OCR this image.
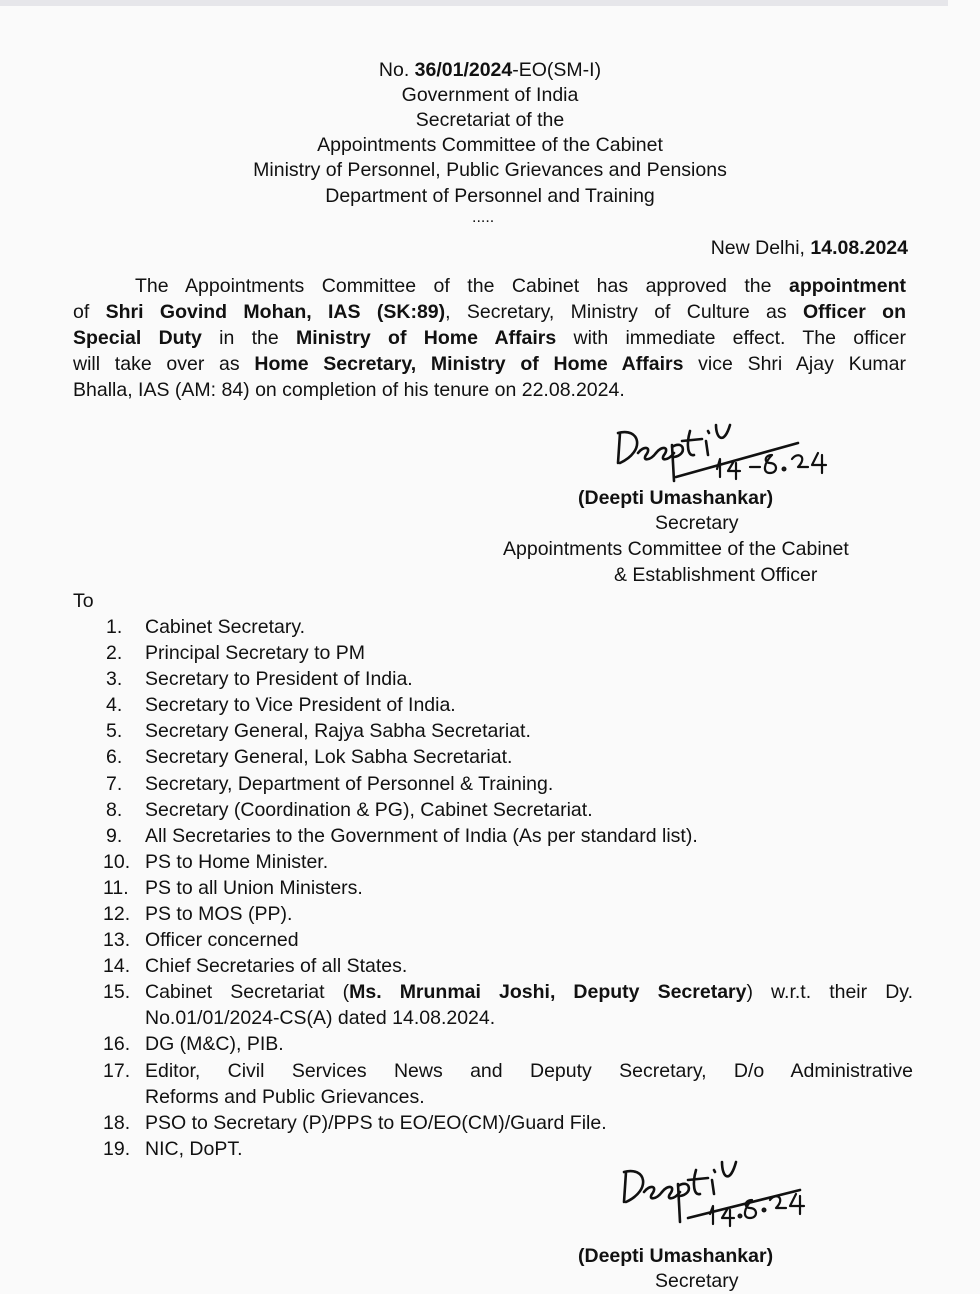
No. 36/01/2024-EO(SM-I)
Government of India
Secretariat of the
Appointments Committee of the Cabinet
Ministry of Personnel, Public Grievances and Pensions
Department of Personnel and Training
.....
New Delhi, 14.08.2024
The Appointments Committee of the Cabinet has approved the appointment
of Shri Govind Mohan, IAS (SK:89), Secretary, Ministry of Culture as Officer on
Special Duty in the Ministry of Home Affairs with immediate effect. The officer
will take over as Home Secretary, Ministry of Home Affairs vice Shri Ajay Kumar
Bhalla, IAS (AM: 84) on completion of his tenure on 22.08.2024.
(Deepti Umashankar)
Secretary
Appointments Committee of the Cabinet
& Establishment Officer
To
1. Cabinet Secretary.
2. Principal Secretary to PM
3. Secretary to President of India.
4. Secretary to Vice President of India.
5. Secretary General, Rajya Sabha Secretariat.
6. Secretary General, Lok Sabha Secretariat.
7. Secretary, Department of Personnel & Training.
8. Secretary (Coordination & PG), Cabinet Secretariat.
9. All Secretaries to the Government of India (As per standard list).
10. PS to Home Minister.
11. PS to all Union Ministers.
12. PS to MOS (PP).
13. Officer concerned
14. Chief Secretaries of all States.
15. Cabinet Secretariat (Ms. Mrunmai Joshi, Deputy Secretary) w.r.t. their Dy.
No.01/01/2024-CS(A) dated 14.08.2024.
16. DG (M&C), PIB.
17. Editor, Civil Services News and Deputy Secretary, D/o Administrative
Reforms and Public Grievances.
18. PSO to Secretary (P)/PPS to EO/EO(CM)/Guard File.
19. NIC, DoPT.
(Deepti Umashankar)
Secretary
